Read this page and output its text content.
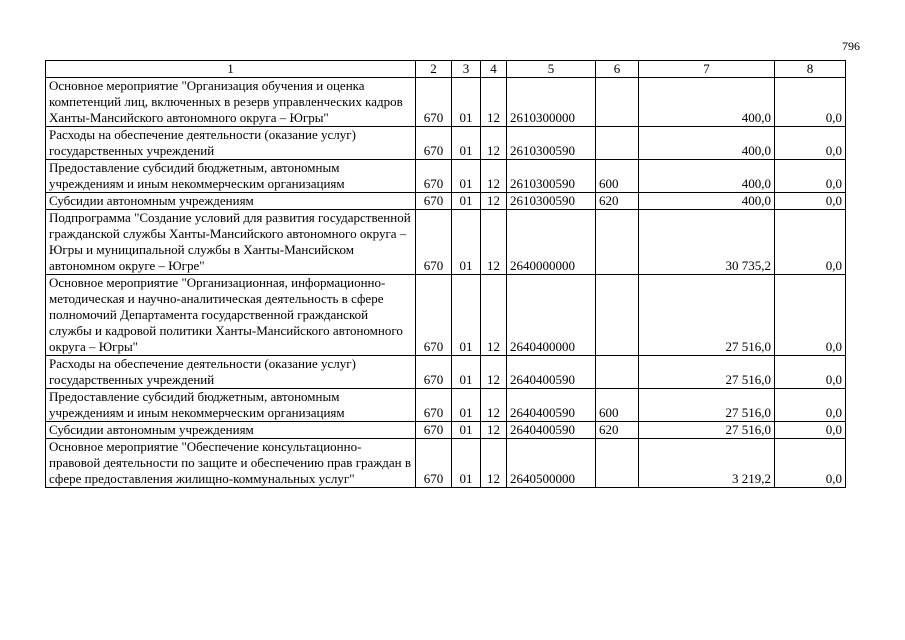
796
1	2	3	4	5	6	7	8
Основное мероприятие "Организация обучения и оценка компетенций лиц, включенных в резерв управленческих кадров Ханты-Мансийского автономного округа – Югры"	670	01	12	2610300000		400,0	0,0
Расходы на обеспечение деятельности (оказание услуг) государственных учреждений	670	01	12	2610300590		400,0	0,0
Предоставление субсидий бюджетным, автономным учреждениям и иным некоммерческим организациям	670	01	12	2610300590	600	400,0	0,0
Субсидии автономным учреждениям	670	01	12	2610300590	620	400,0	0,0
Подпрограмма "Создание условий для развития государственной гражданской службы Ханты-Мансийского автономного округа – Югры и муниципальной службы в Ханты-Мансийском автономном округе – Югре"	670	01	12	2640000000		30 735,2	0,0
Основное мероприятие "Организационная, информационно-методическая и научно-аналитическая деятельность в сфере полномочий Департамента государственной гражданской службы и кадровой политики Ханты-Мансийского автономного округа – Югры"	670	01	12	2640400000		27 516,0	0,0
Расходы на обеспечение деятельности (оказание услуг) государственных учреждений	670	01	12	2640400590		27 516,0	0,0
Предоставление субсидий бюджетным, автономным учреждениям и иным некоммерческим организациям	670	01	12	2640400590	600	27 516,0	0,0
Субсидии автономным учреждениям	670	01	12	2640400590	620	27 516,0	0,0
Основное мероприятие "Обеспечение консультационно-правовой деятельности по защите и обеспечению прав граждан в сфере предоставления жилищно-коммунальных услуг"	670	01	12	2640500000		3 219,2	0,0
